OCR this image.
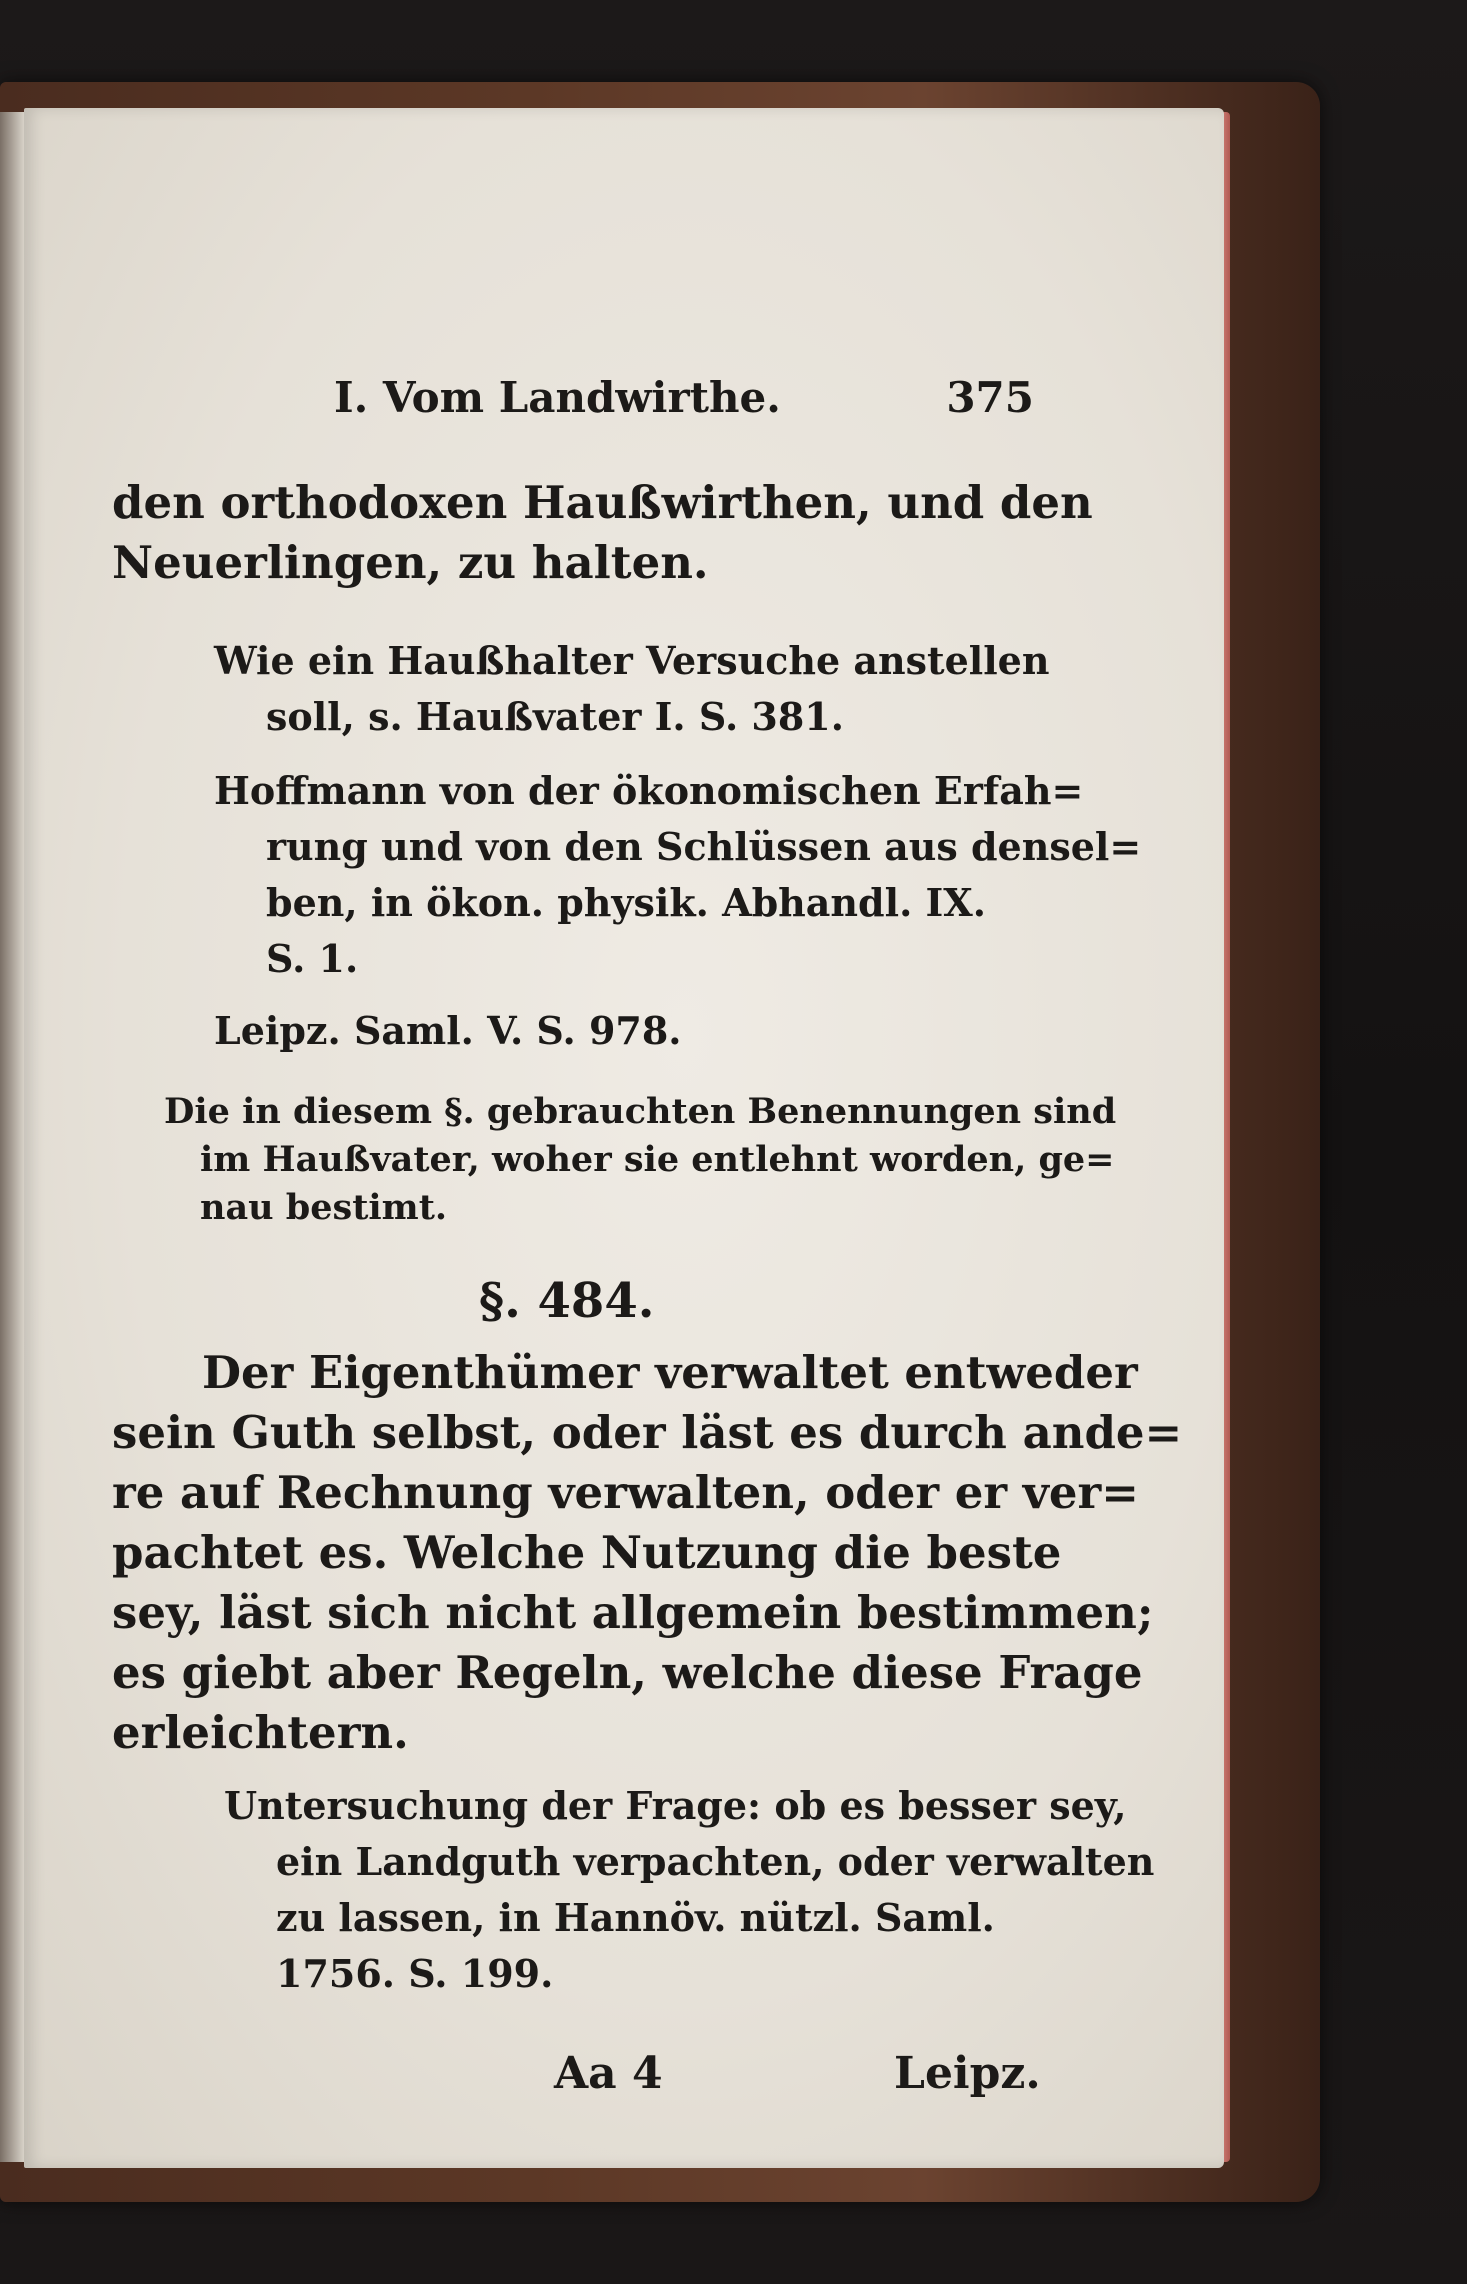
I. Vom Landwirthe.	375

den orthodoxen Haußwirthen, und den
Neuerlingen, zu halten.

Wie ein Haußhalter Versuche anstellen
soll, s. Haußvater I. S. 381.

Hoffmann von der ökonomischen Erfah=
rung und von den Schlüssen aus densel=
ben, in ökon. physik. Abhandl. IX.
S. 1.

Leipz. Saml. V. S. 978.

Die in diesem §. gebrauchten Benennungen sind
im Haußvater, woher sie entlehnt worden, ge=
nau bestimt.

§. 484.

Der Eigenthümer verwaltet entweder
sein Guth selbst, oder läst es durch ande=
re auf Rechnung verwalten, oder er ver=
pachtet es. Welche Nutzung die beste
sey, läst sich nicht allgemein bestimmen;
es giebt aber Regeln, welche diese Frage
erleichtern.

Untersuchung der Frage: ob es besser sey,
ein Landguth verpachten, oder verwalten
zu lassen, in Hannöv. nützl. Saml.
1756. S. 199.

Aa 4	Leipz.
